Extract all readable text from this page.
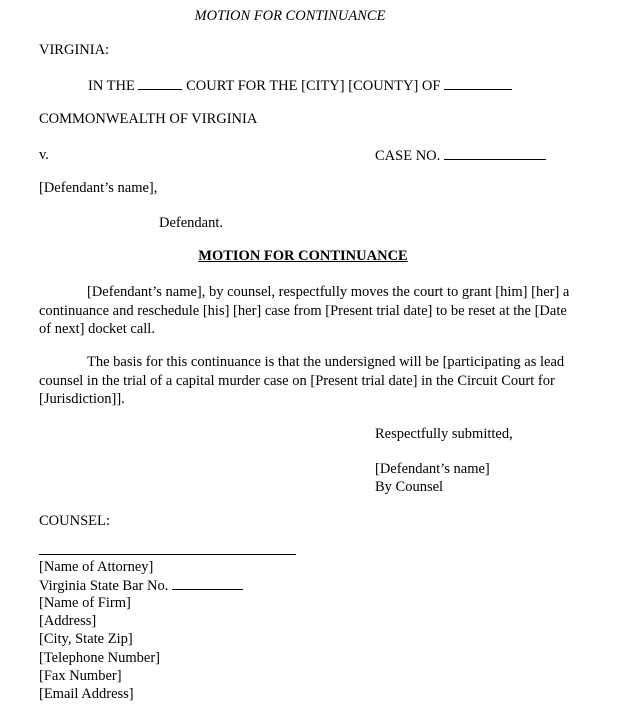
MOTION FOR CONTINUANCE
VIRGINIA:
IN THE	COURT FOR THE [CITY] [COUNTY] OF
COMMONWEALTH OF VIRGINIA
v.	CASE NO.
[Defendant’s name],
Defendant.
MOTION FOR CONTINUANCE
[Defendant’s name], by counsel, respectfully moves the court to grant [him] [her] a continuance and reschedule [his] [her] case from [Present trial date] to be reset at the [Date of next] docket call.
The basis for this continuance is that the undersigned will be [participating as lead counsel in the trial of a capital murder case on [Present trial date] in the Circuit Court for [Jurisdiction]].
Respectfully submitted,
[Defendant’s name]
By Counsel
COUNSEL:
[Name of Attorney]
Virginia State Bar No.
[Name of Firm]
[Address]
[City, State Zip]
[Telephone Number]
[Fax Number]
[Email Address]
